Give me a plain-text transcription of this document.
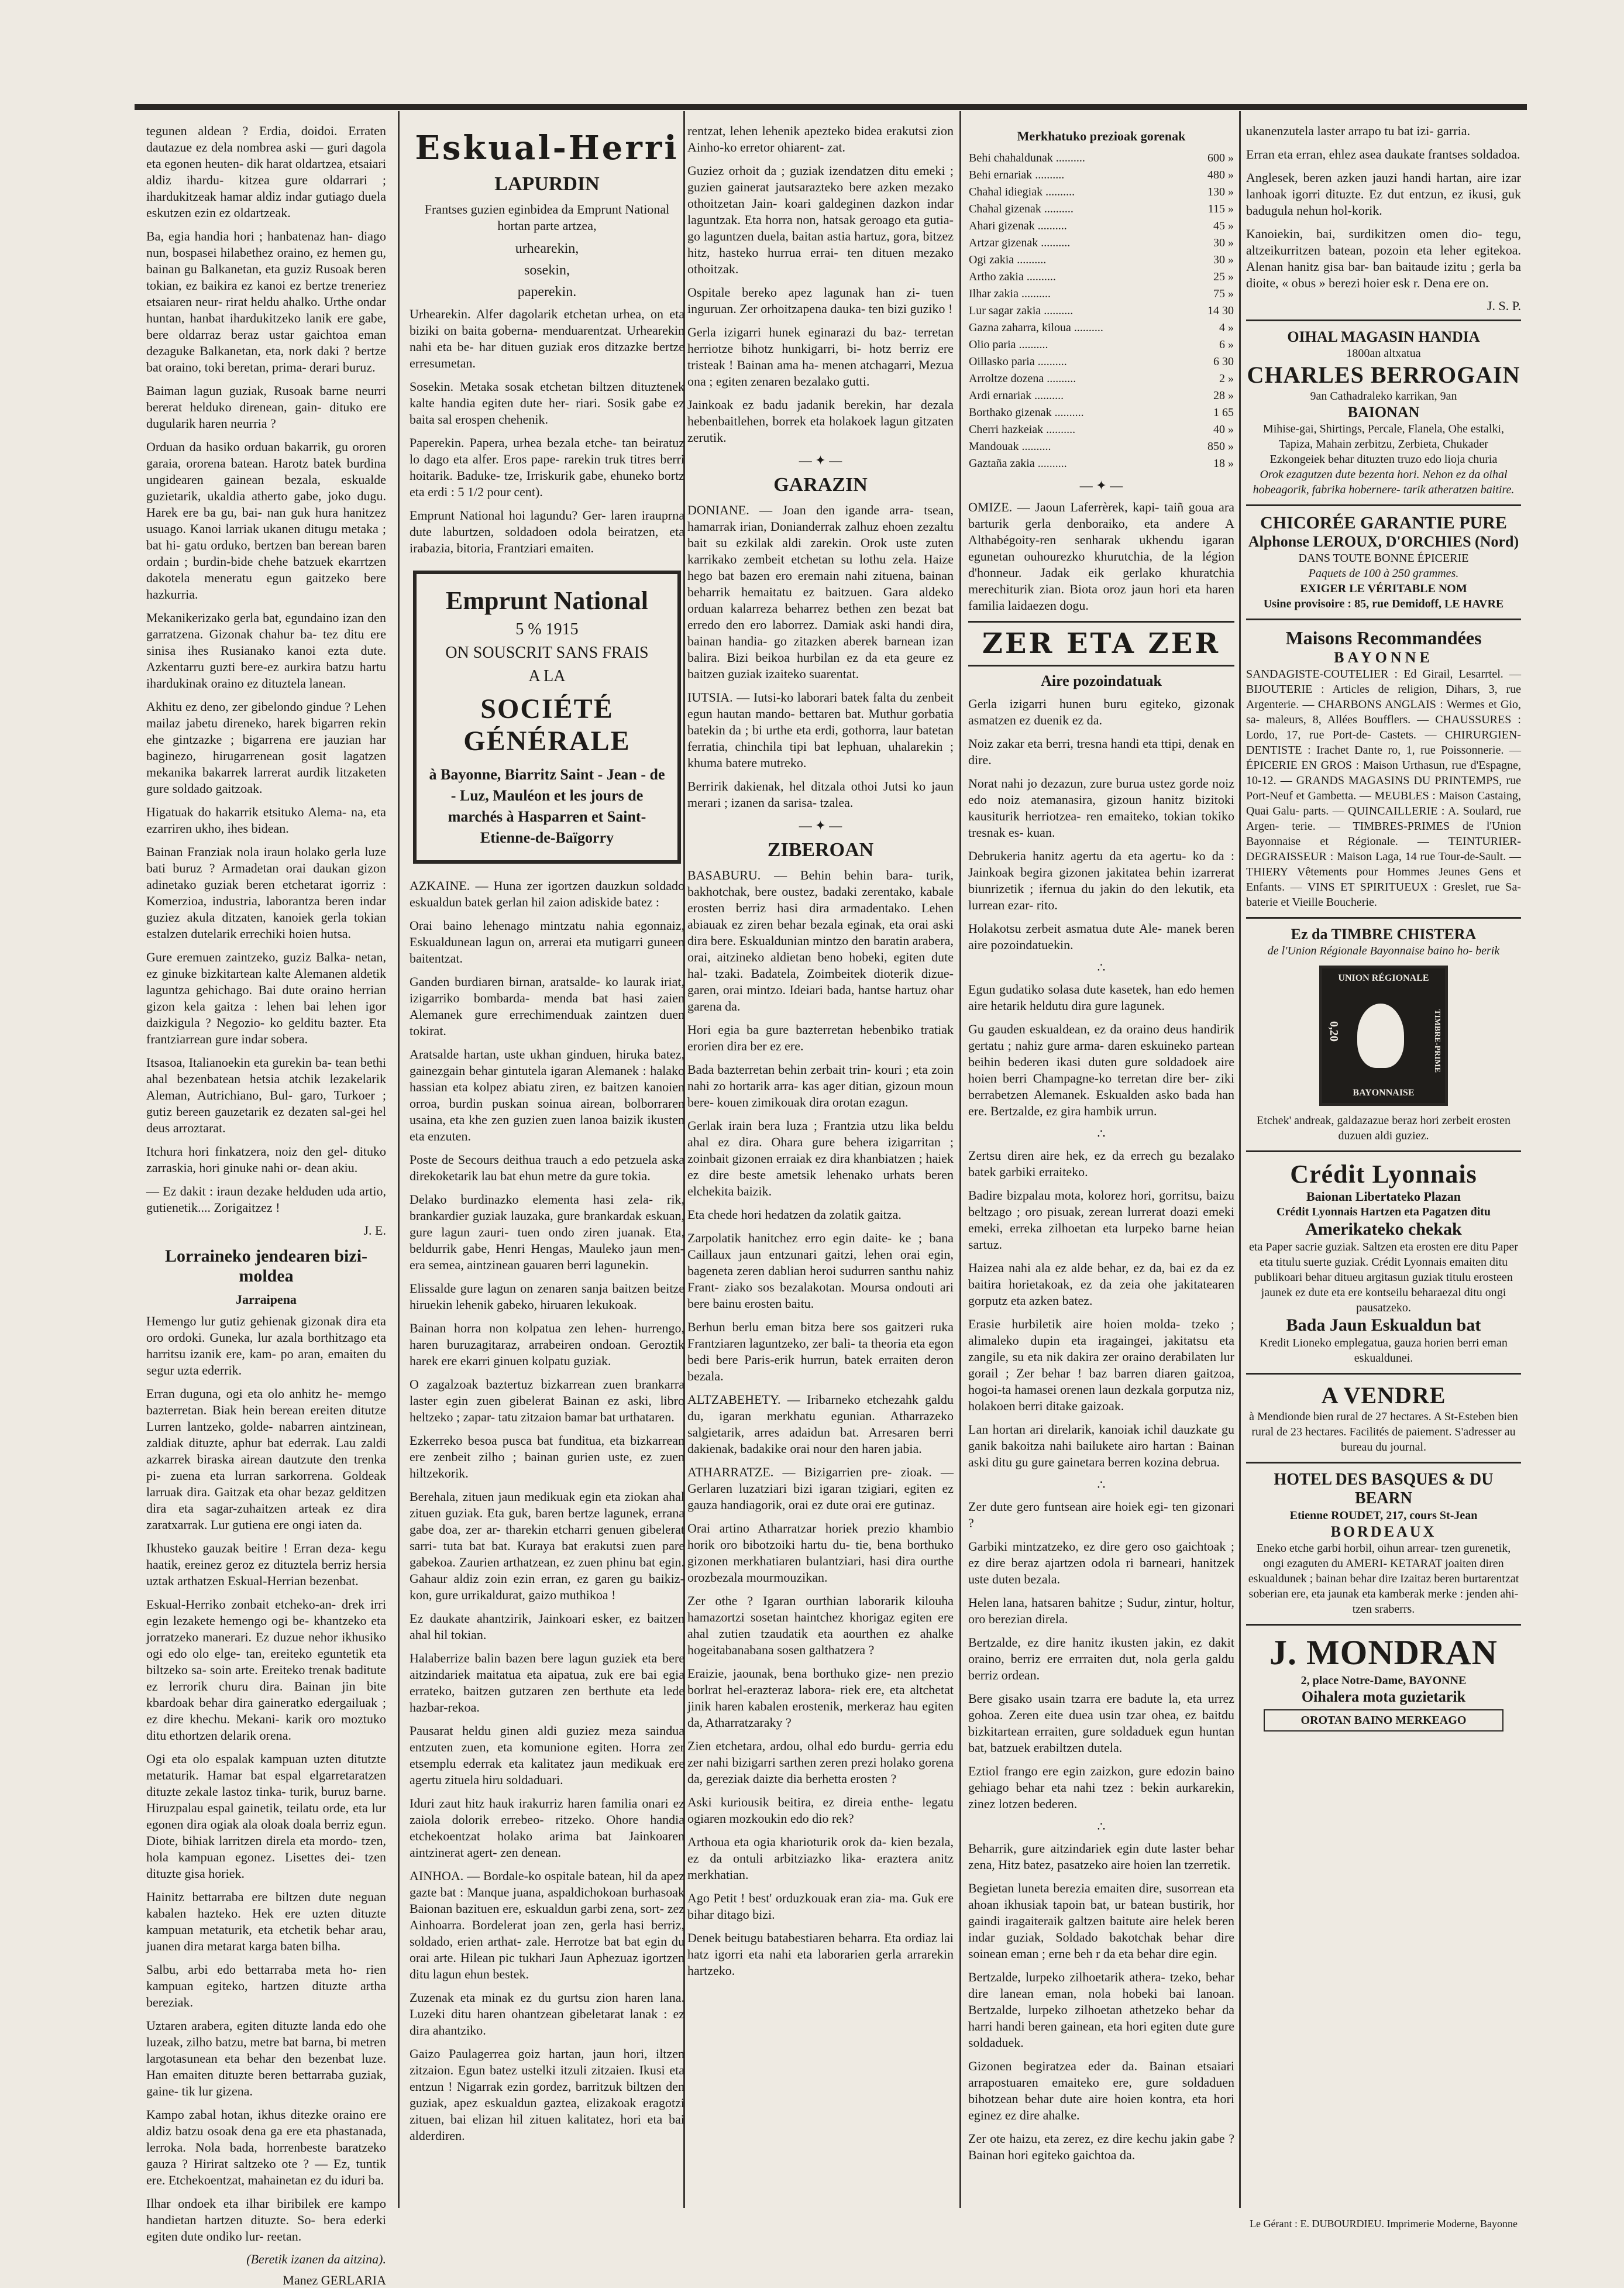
tegunen aldean ? Erdia, doidoi. Erraten dautazue ez dela nombrea aski — guri dagola eta egonen heuten- dik harat oldartzea, etsaiari aldiz ihardu- kitzea gure oldarrari ; ihardukitzeak hamar aldiz indar gutiago duela eskutzen ezin ez oldartzeak.

Ba, egia handia hori ; hanbatenaz han- diago nun, bospasei hilabethez oraino, ez hemen gu, bainan gu Balkanetan, eta guziz Rusoak beren tokian, ez baikira ez kanoi ez bertze treneriez etsaiaren neur- rirat heldu ahalko. Urthe ondar huntan, hanbat ihardukitzeko lanik ere gabe, bere oldarraz beraz ustar gaichtoa eman dezaguke Balkanetan, eta, nork daki ? bertze bat oraino, toki beretan, prima- derari buruz.

Baiman lagun guziak, Rusoak barne neurri bererat helduko direnean, gain- dituko ere dugularik haren neurria ?

Orduan da hasiko orduan bakarrik, gu ororen garaia, ororena batean. Harotz batek burdina ungidearen gainean bezala, eskualde guzietarik, ukaldia atherto gabe, joko dugu. Harek ere ba gu, bai- nan guk hura hanitzez usuago. Kanoi larriak ukanen ditugu metaka ; bat hi- gatu orduko, bertzen ban berean baren ordain ; burdin-bide chehe batzuek ekarrtzen dakotela meneratu egun gaitzeko bere hazkurria.

Mekanikerizako gerla bat, egundaino izan den garratzena. Gizonak chahur ba- tez ditu ere sinisa ihes Rusianako kanoi ezta dute. Azkentarru guzti bere-ez aurkira batzu hartu ihardukinak oraino ez dituztela lanean.

Akhitu ez deno, zer gibelondo gindue ? Lehen mailaz jabetu direneko, harek bigarren rekin ehe gintzazke ; bigarrena ere jauzian har baginezo, hirugarrenean gosit lagatzen mekanika bakarrek larrerat aurdik litzaketen gure soldado gaitzoak.

Higatuak do hakarrik etsituko Alema- na, eta ezarriren ukho, ihes bidean.

Bainan Franziak nola iraun holako gerla luze bati buruz ? Armadetan orai daukan gizon adinetako guziak beren etchetarat igorriz : Komerzioa, industria, laborantza beren indar guziez akula ditzaten, kanoiek gerla tokian estalzen dutelarik errechiki hoien hutsa.

Gure eremuen zaintzeko, guziz Balka- netan, ez ginuke bizkitartean kalte Alemanen aldetik laguntza gehichago. Bai dute oraino herrian gizon kela gaitza : lehen bai lehen igor daizkigula ? Negozio- ko gelditu bazter. Eta frantziarrean gure indar sobera.

Itsasoa, Italianoekin eta gurekin ba- tean bethi ahal bezenbatean hetsia atchik lezakelarik Aleman, Autrichiano, Bul- garo, Turkoer ; gutiz bereen gauzetarik ez dezaten sal-gei hel deus arroztarat.

Itchura hori finkatzera, noiz den gel- dituko zarraskia, hori ginuke nahi or- dean akiu.

— Ez dakit : iraun dezake helduden uda artio, gutienetik.... Zorigaitzez !

J. E.
Lorraineko jendearen bizi-moldea
Jarraipena

Hemengo lur gutiz gehienak gizonak dira eta oro ordoki. Guneka, lur azala borthitzago eta harritsu izanik ere, kam- po aran, emaiten du segur uzta ederrik.

Erran duguna, ogi eta olo anhitz he- memgo bazterretan. Biak hein berean ereiten ditutze Lurren lantzeko, golde- nabarren aintzinean, zaldiak dituzte, aphur bat ederrak. Lau zaldi azkarrek biraska airean dautzute den trenka pi- zuena eta lurran sarkorrena. Goldeak larruak dira. Gaitzak eta ohar bezaz gelditzen dira eta sagar-zuhaitzen arteak ez dira zaratxarrak. Lur gutiena ere ongi iaten da.

Ikhusteko gauzak beitire ! Erran deza- kegu haatik, ereinez geroz ez dituztela berriz hersia uztak arthatzen Eskual-Herrian bezenbat.

Eskual-Herriko zonbait etcheko-an- drek irri egin lezakete hemengo ogi be- khantzeko eta jorratzeko manerari. Ez duzue nehor ikhusiko ogi edo olo elge- tan, ereiteko eguntetik eta biltzeko sa- soin arte. Ereiteko trenak baditute ez lerrorik churu dira. Bainan jin bite kbardoak behar dira gaineratko edergailuak ; ez dire khechu. Mekani- karik oro moztuko ditu ethortzen delarik orena.

Ogi eta olo espalak kampuan uzten ditutzte metaturik. Hamar bat espal elgarretaratzen dituzte zekale lastoz tinka- turik, buruz barne. Hiruzpalau espal gainetik, teilatu orde, eta lur egonen dira ogiak ala oloak doala berriz egun. Diote, bihiak larritzen direla eta mordo- tzen, hola kampuan egonez. Lisettes dei- tzen dituzte gisa horiek.

Hainitz bettarraba ere biltzen dute neguan kabalen hazteko. Hek ere uzten dituzte kampuan metaturik, eta etchetik behar arau, juanen dira metarat karga baten bilha.

Salbu, arbi edo bettarraba meta ho- rien kampuan egiteko, hartzen dituzte artha bereziak.

Uztaren arabera, egiten dituzte landa edo ohe luzeak, zilho batzu, metre bat barna, bi metren largotasunean eta behar den bezenbat luze. Han emaiten dituzte beren bettarraba guziak, gaine- tik lur gizena.

Kampo zabal hotan, ikhus ditezke oraino ere aldiz batzu osoak dena ga ere eta phastanada, lerroka. Nola bada, horrenbeste baratzeko gauza ? Hirirat saltzeko ote ? — Ez, tuntik ere. Etchekoentzat, mahainetan ez du iduri ba.

Ilhar ondoek eta ilhar biribilek ere kampo handietan hartzen dituzte. So- bera ederki egiten dute ondiko lur- reetan.

(Beretik izanen da aitzina).
Manez GERLARIA
Eskual-Herri
LAPURDIN

Frantses guzien eginbidea da Emprunt National hortan parte artzea,

urhearekin,
sosekin,
paperekin.

Urhearekin. Alfer dagolarik etchetan urhea, on eta biziki on baita goberna- menduarentzat. Urhearekin nahi eta be- har dituen guziak eros ditzazke bertze erresumetan.

Sosekin. Metaka sosak etchetan biltzen dituztenek kalte handia egiten dute her- riari. Sosik gabe ez baita sal erospen chehenik.

Paperekin. Papera, urhea bezala etche- tan beiratuz lo dago eta alfer. Eros pape- rarekin truk titres berri hoitarik. Baduke- tze, Irriskurik gabe, ehuneko bortz eta erdi : 5 1/2 pour cent).

Emprunt National hoi lagundu? Ger- laren irauprna dute laburtzen, soldadoen odola beiratzen, eta irabazia, bitoria, Frantziari emaiten.

Emprunt National
5 % 1915
ON SOUSCRIT SANS FRAIS
A LA
SOCIÉTÉ GÉNÉRALE
à Bayonne, Biarritz Saint - Jean - de - Luz, Mauléon et les jours de marchés à Hasparren et Saint-Etienne-de-Baïgorry

AZKAINE. — Huna zer igortzen dauzkun soldado eskualdun batek gerlan hil zaion adiskide batez :

Orai baino lehenago mintzatu nahia egonnaiz, Eskualdunean lagun on, arrerai eta mutigarri guneen baitentzat.

Ganden burdiaren birnan, aratsalde- ko laurak iriat, izigarriko bombarda- menda bat hasi zaien Alemanek gure errechimenduak zaintzen duen tokirat.

Aratsalde hartan, uste ukhan ginduen, hiruka batez, gainezgain behar gintutela igaran Alemanek : halako hassian eta kolpez abiatu ziren, ez baitzen kanoien orroa, burdin puskan soinua airean, bolborraren usaina, eta khe zen guzien zuen lanoa baizik ikusten eta enzuten.

Poste de Secours deithua trauch a edo petzuela aska direkoketarik lau bat ehun metre da gure tokia.

Delako burdinazko elementa hasi zela- rik, brankardier guziak lauzaka, gure brankardak eskuan, gure lagun zauri- tuen ondo ziren juanak. Eta, beldurrik gabe, Henri Hengas, Mauleko jaun men- era semea, aintzinean gauaren berri lagunekin.

Elissalde gure lagun on zenaren sanja baitzen beitze hiruekin lehenik gabeko, hiruaren lekukoak.

Bainan horra non kolpatua zen lehen- hurrengo, haren buruzagitaraz, arrabeiren ondoan. Geroztik harek ere ekarri ginuen kolpatu guziak.

O zagalzoak baztertuz bizkarrean zuen brankarra laster egin zuen gibelerat Bainan ez aski, libro heltzeko ; zapar- tatu zitzaion bamar bat urthataren.

Ezkerreko besoa pusca bat funditua, eta bizkarrean ere zenbeit zilho ; bainan gurien uste, ez zuen hiltzekorik.

Berehala, zituen jaun medikuak egin eta ziokan ahal zituen guziak. Eta guk, baren bertze lagunek, errana gabe doa, zer ar- tharekin etcharri genuen gibelerat sarri- tuta bat bat. Kuraya bat erakutsi zuen pare gabekoa. Zaurien arthatzean, ez zuen phinu bat egin. Gahaur aldiz zoin ezin erran, ez garen gu baikiz- kon, gure urrikaldurat, gaizo muthikoa !

Ez daukate ahantzirik, Jainkoari esker, ez baitzen ahal hil tokian.

Halaberrize balin bazen bere lagun guziek eta bere aitzindariek maitatua eta aipatua, zuk ere bai egia errateko, baitzen gutzaren zen berthute eta lede hazbar-rekoa.

Pausarat heldu ginen aldi guziez meza saindua entzuten zuen, eta komunione egiten. Horra zer etsemplu ederrak eta kalitatez jaun medikuak ere agertu zituela hiru soldaduari.

Iduri zaut hitz hauk irakurriz haren familia onari ez zaiola dolorik errebeo- ritzeko. Ohore handia etchekoentzat holako arima bat Jainkoaren aintzinerat agert- zen denean.

AINHOA. — Bordale-ko ospitale batean, hil da apez gazte bat : Manque juana, aspaldichokoan burhasoak Baionan bazituen ere, eskualdun garbi zena, sort- zez Ainhoarra. Bordelerat joan zen, gerla hasi berriz, soldado, erien arthat- zale. Herrotze bat bat egin du orai arte. Hilean pic tukhari Jaun Aphezuaz igortzen ditu lagun ehun bestek.

Zuzenak eta minak ez du gurtsu zion haren lana. Luzeki ditu haren ohantzean gibeletarat lanak : ez dira ahantziko.

Gaizo Paulagerrea goiz hartan, jaun hori, iltzen zitzaion. Egun batez ustelki itzuli zitzaien. Ikusi eta entzun ! Nigarrak ezin gordez, barritzuk biltzen den guziak, apez eskualdun gaztea, elizakoak eragotzi zituen, bai elizan hil zituen kalitatez, hori eta bai alderdiren.

rentzat, lehen lehenik apezteko bidea erakutsi zion Ainho-ko erretor ohiarent- zat.

Guziez orhoit da ; guziak izendatzen ditu emeki ; guzien gainerat jautsarazteko bere azken mezako othoitzetan Jain- koari galdeginen dazkon indar laguntzak. Eta horra non, hatsak geroago eta gutia- go laguntzen duela, baitan astia hartuz, gora, bitzez hitz, hasteko hurrua errai- ten dituen mezako othoitzak.

Ospitale bereko apez lagunak han zi- tuen inguruan. Zer orhoitzapena dauka- ten bizi guziko !

Gerla izigarri hunek eginarazi du baz- terretan herriotze bihotz hunkigarri, bi- hotz berriz ere tristeak ! Bainan ama ha- menen atchagarri, Mezua ona ; egiten zenaren bezalako gutti.

Jainkoak ez badu jadanik berekin, har dezala hebenbaitlehen, borrek eta holakoek lagun gitzaten zerutik.

— ✦ —
GARAZIN

DONIANE. — Joan den igande arra- tsean, hamarrak irian, Donianderrak zalhuz ehoen zezaltu bait su ezkilak aldi zarekin. Orok uste zuten karrikako zembeit etchetan su lothu zela. Haize hego bat bazen ero eremain nahi zituena, bainan beharrik hemaitatu ez baitzuen. Gara aldeko orduan kalarreza beharrez bethen zen bezat bat erredo den ero laborrez. Damiak aski handi dira, bainan handia- go zitazken aberek barnean izan balira. Bizi beikoa hurbilan ez da eta geure ez baitzen guziak izaiteko suarentat.

IUTSIA. — Iutsi-ko laborari batek falta du zenbeit egun hautan mando- bettaren bat. Muthur gorbatia batekin da ; bi urthe eta erdi, gothorra, laur batetan ferratia, chinchila tipi bat lephuan, uhalarekin ; khuma batere mutreko.

Berririk dakienak, hel ditzala othoi Jutsi ko jaun merari ; izanen da sarisa- tzalea.

— ✦ —
ZIBEROAN

BASABURU. — Behin behin bara- turik, bakhotchak, bere oustez, badaki zerentako, kabale erosten berriz hasi dira armadentako. Lehen abiauak ez ziren behar bezala eginak, eta orai aski dira bere. Eskualdunian mintzo den baratin arabera, orai, aitzineko aldietan beno hobeki, egiten dute hal- tzaki. Badatela, Zoimbeitek dioterik dizue- garen, orai mintzo. Ideiari bada, hantse hartuz ohar garena da.

Hori egia ba gure bazterretan hebenbiko tratiak erorien dira ber ez ere.

Bada bazterretan behin zerbait trin- kouri ; eta zoin nahi zo hortarik arra- kas ager ditian, gizoun moun bere- kouen zimikouak dira orotan ezagun.

Gerlak irain bera luza ; Frantzia utzu lika beldu ahal ez dira. Ohara gure behera izigarritan ; zoinbait gizonen erraiak ez dira khanbiatzen ; haiek ez dire beste ametsik lehenako urhats beren elchekita baizik.

Eta chede hori hedatzen da zolatik gaitza.

Zarpolatik hanitchez erro egin daite- ke ; bana Caillaux jaun entzunari gaitzi, lehen orai egin, bageneta zeren dablian heroi sudurren santhu nahiz Frant- ziako sos bezalakotan. Moursa ondouti ari bere bainu erosten baitu.

Berhun berlu eman bitza bere sos gaitzeri ruka Frantziaren laguntzeko, zer bali- ta theoria eta egon bedi bere Paris-erik hurrun, batek erraiten deron bezala.

ALTZABEHETY. — Iribarneko etchezahk galdu du, igaran merkhatu egunian. Atharrazeko salgietarik, arres adaidun bat. Arresaren berri dakienak, badakike orai nour den haren jabia.

ATHARRATZE. — Bizigarrien pre- zioak. — Gerlaren luzatziari bizi igaran tzigiari, egiten ez gauza handiagorik, orai ez dute orai ere gutinaz.

Orai artino Atharratzar horiek prezio khambio horik oro bibotzoiki hartu du- tie, bena borthuko gizonen merkhatiaren bulantziari, hasi dira ourthe orozbezala mourmouzikan.

Zer othe ? Igaran ourthian laborarik kilouha hamazortzi sosetan haintchez khorigaz egiten ere ahal zutien tzaudatik eta aourthen ez ahalke hogeitabanabana sosen galthatzera ?

Eraizie, jaounak, bena borthuko gize- nen prezio borlrat hel-erazteraz labora- riek ere, eta altchetat jinik haren kabalen erostenik, merkeraz hau egiten da, Atharratzaraky ?

Zien etchetara, ardou, olhal edo burdu- gerria edu zer nahi bizigarri sarthen zeren prezi holako gorena da, gereziak daizte dia berhetta erosten ?

Aski kuriousik beitira, ez direia enthe- legatu ogiaren mozkoukin edo dio rek?

Arthoua eta ogia kharioturik orok da- kien bezala, ez da ontuli arbitziazko lika- eraztera anitz merkhatian.

Ago Petit ! best' orduzkouak eran zia- ma. Guk ere bihar ditago bizi.

Denek beitugu batabestiaren beharra. Eta ordiaz lai hatz igorri eta nahi eta laborarien gerla arrarekin hartzeko.

Merkhatuko prezioak gorenak
Behi chahaldunak ..........	600 »
Behi ernariak ..........	480 »
Chahal idiegiak ..........	130 »
Chahal gizenak ..........	115 »
Ahari gizenak ..........	45 »
Artzar gizenak ..........	30 »
Ogi zakia ..........	30 »
Artho zakia ..........	25 »
Ilhar zakia ..........	75 »
Lur sagar zakia ..........	14 30
Gazna zaharra, kiloua ..........	4 »
Olio paria ..........	6 »
Oillasko paria ..........	6 30
Arroltze dozena ..........	2 »
Ardi ernariak ..........	28 »
Borthako gizenak ..........	1 65
Cherri hazkeiak ..........	40 »
Mandouak ..........	850 »
Gaztaña zakia ..........	18 »
— ✦ —

OMIZE. — Jaoun Laferrèrek, kapi- taiñ goua ara barturik gerla denboraiko, eta andere A Althabégoity-ren senharak ukhendu igaran egunetan ouhourezko khurutchia, de la légion d'honneur. Jadak eik gerlako khuratchia merechiturik zian. Biota oroz jaun hori eta haren familia laidaezen dogu.

ZER ETA ZER
Aire pozoindatuak

Gerla izigarri hunen buru egiteko, gizonak asmatzen ez duenik ez da.

Noiz zakar eta berri, tresna handi eta ttipi, denak en dire.

Norat nahi jo dezazun, zure burua ustez gorde noiz edo noiz atemanasira, gizoun hanitz bizitoki kausiturik herriotzea- ren emaiteko, tokian tokiko tresnak es- kuan.

Debrukeria hanitz agertu da eta agertu- ko da : Jainkoak begira gizonen jakitatea behin izarrerat biunrizetik ; ifernua du jakin do den lekutik, eta lurrean ezar- rito.

Holakotsu zerbeit asmatua dute Ale- manek beren aire pozoindatuekin.

∴

Egun gudatiko solasa dute kasetek, han edo hemen aire hetarik heldutu dira gure lagunek.

Gu gauden eskualdean, ez da oraino deus handirik gertatu ; nahiz gure arma- daren eskuineko partean beihin bederen ikasi duten gure soldadoek aire hoien berri Champagne-ko terretan dire ber- ziki berrabetzen Alemanek. Eskualden asko bada han ere. Bertzalde, ez gira hambik urrun.

∴

Zertsu diren aire hek, ez da errech gu bezalako batek garbiki erraiteko.

Badire bizpalau mota, kolorez hori, gorritsu, baizu beltzago ; oro pisuak, zerean lurrerat doazi emeki emeki, erreka zilhoetan eta lurpeko barne heian sartuz.

Haizea nahi ala ez alde behar, ez da, bai ez da ez baitira horietakoak, ez da zeia ohe jakitatearen gorputz eta azken batez.

Erasie hurbiletik aire hoien molda- tzeko ; alimaleko dupin eta iragaingei, jakitatsu eta zangile, su eta nik dakira zer oraino derabilaten lur gorail ; Zer behar ! baz barren diaren gaitzoa, hogoi-ta hamasei orenen laun dezkala gorputza niz, holakoen berri ditake gaizoak.

Lan hortan ari direlarik, kanoiak ichil dauzkate gu ganik bakoitza nahi bailukete airo hartan : Bainan aski ditu gu gure gainetara berren kozina debrua.

∴

Zer dute gero funtsean aire hoiek egi- ten gizonari ?

Garbiki mintzatzeko, ez dire gero oso gaichtoak ; ez dire beraz ajartzen odola ri barneari, hanitzek uste duten bezala.

Helen lana, hatsaren bahitze ; Sudur, zintur, holtur, oro berezian direla.

Bertzalde, ez dire hanitz ikusten jakin, ez dakit oraino, berriz ere errraiten dut, nola gerla galdu berriz ordean.

Bere gisako usain tzarra ere badute la, eta urrez gohoa. Zeren eite duea usin tzar ohea, ez baitdu bizkitartean erraiten, gure soldaduek egun huntan bat, batzuek erabiltzen dutela.

Eztiol frango ere egin zaizkon, gure edozin baino gehiago behar eta nahi tzez : bekin aurkarekin, zinez lotzen bederen.

∴

Beharrik, gure aitzindariek egin dute laster behar zena, Hitz batez, pasatzeko aire hoien lan tzerretik.

Begietan luneta berezia emaiten dire, susorrean eta ahoan ikhusiak tapoin bat, ur batean bustirik, hor gaindi iragaiteraik galtzen baitute aire helek beren indar guziak, Soldado bakotchak behar dire soinean eman ; erne beh r da eta behar dire egin.

Bertzalde, lurpeko zilhoetarik athera- tzeko, behar dire lanean eman, nola hobeki bai lanoan. Bertzalde, lurpeko zilhoetan athetzeko behar da harri handi beren gainean, eta hori egiten dute gure soldaduek.

Gizonen begiratzea eder da. Bainan etsaiari arrapostuaren emaiteko ere, gure soldaduen bihotzean behar dute aire hoien kontra, eta hori eginez ez dire ahalke.

Zer ote haizu, eta zerez, ez dire kechu jakin gabe ? Bainan hori egiteko gaichtoa da.

ukanenzutela laster arrapo tu bat izi- garria.

Erran eta erran, ehlez asea daukate frantses soldadoa.

Anglesek, beren azken jauzi handi hartan, aire izar lanhoak igorri dituzte. Ez dut entzun, ez ikusi, guk badugula nehun hol-korik.

Kanoiekin, bai, surdikitzen omen dio- tegu, altzeikurritzen batean, pozoin eta leher egitekoa. Alenan hanitz gisa bar- ban baitaude izitu ; gerla ba dioite, « obus » berezi hoier esk r. Dena ere on.

J. S. P.
OIHAL MAGASIN HANDIA
1800an altxatua
CHARLES BERROGAIN
9an Cathadraleko karrikan, 9an
BAIONAN
Mihise-gai, Shirtings, Percale, Flanela, Ohe estalki, Tapiza, Mahain zerbitzu, Zerbieta, Chukader
Ezkongeiek behar dituzten truzo edo lioja churia
Orok ezagutzen dute bezenta hori. Nehon ez da oihal hobeagorik, fabrika hobernere- tarik atheratzen baitire.
CHICORÉE GARANTIE PURE
Alphonse LEROUX, D'ORCHIES (Nord)
DANS TOUTE BONNE ÉPICERIE
Paquets de 100 à 250 grammes.
EXIGER LE VÉRITABLE NOM
Usine provisoire : 85, rue Demidoff, LE HAVRE
Maisons Recommandées
BAYONNE
SANDAGISTE-COUTELIER : Ed Girail, Lesarrtel. — BIJOUTERIE : Articles de religion, Dihars, 3, rue Argenterie. — CHARBONS ANGLAIS : Wermes et Gio, sa- maleurs, 8, Allées Boufflers. — CHAUSSURES : Lordo, 17, rue Port-de- Castets. — CHIRURGIEN-DENTISTE : Irachet Dante ro, 1, rue Poissonnerie. — ÉPICERIE EN GROS : Maison Urthasun, rue d'Espagne, 10-12. — GRANDS MAGASINS DU PRINTEMPS, rue Port-Neuf et Gambetta. — MEUBLES : Maison Castaing, Quai Galu- parts. — QUINCAILLERIE : A. Soulard, rue Argen- terie. — TIMBRES-PRIMES de l'Union Bayonnaise et Régionale. — TEINTURIER-DEGRAISSEUR : Maison Laga, 14 rue Tour-de-Sault. — THIERY Vêtements pour Hommes Jeunes Gens et Enfants. — VINS ET SPIRITUEUX : Greslet, rue Sa- baterie et Vieille Boucherie.
Ez da TIMBRE CHISTERA
de l'Union Régionale Bayonnaise baino ho- berik
UNION RÉGIONALE
TIMBRE-PRIME
0,20
BAYONNAISE
Etchek' andreak, galdazazue beraz hori zerbeit erosten duzuen aldi guziez.
Crédit Lyonnais
Baionan Libertateko Plazan
Crédit Lyonnais Hartzen eta Pagatzen ditu
Amerikateko chekak
eta Paper sacrie guziak. Saltzen eta erosten ere ditu Paper eta titulu suerte guziak. Crédit Lyonnais emaiten ditu publikoari behar ditueu argitasun guziak titulu erosteen jaunek ez dute eta ere kontseilu beharaezal ditu ongi pausatzeko.
Bada Jaun Eskualdun bat
Kredit Lioneko emplegatua, gauza horien berri eman eskualdunei.
A VENDRE
à Mendionde bien rural de 27 hectares. A St-Esteben bien rural de 23 hectares. Facilités de paiement. S'adresser au bureau du journal.
HOTEL DES BASQUES & DU BEARN
Etienne ROUDET, 217, cours St-Jean
BORDEAUX
Eneko etche garbi horbil, oihun arrear- tzen gurenetik, ongi ezaguten du AMERI- KETARAT joaiten diren eskualdunek ; bainan behar dire Izaitaz beren burtarentzat soberian ere, eta jaunak eta kamberak merke : jenden ahi- tzen sraberrs.
J. MONDRAN
2, place Notre-Dame, BAYONNE
Oihalera mota guzietarik
OROTAN BAINO MERKEAGO
Le Gérant : E. DUBOURDIEU. Imprimerie Moderne, Bayonne
